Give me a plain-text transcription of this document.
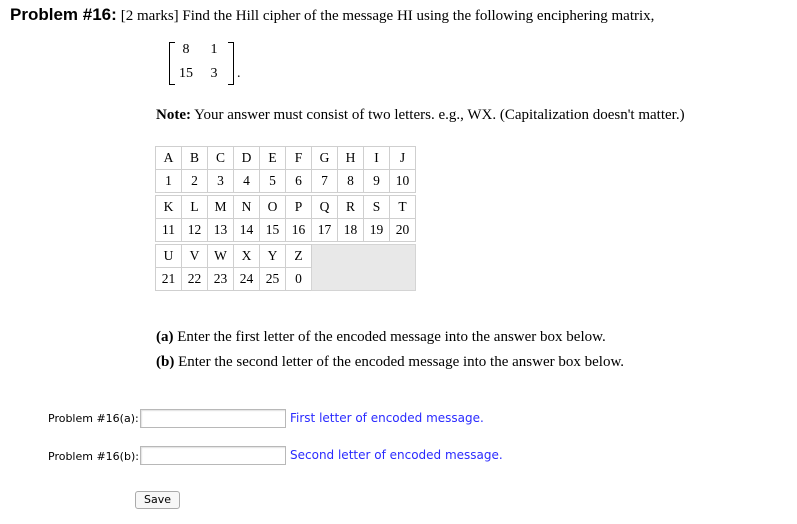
Problem #16: [2 marks] Find the Hill cipher of the message HI using the following enciphering matrix,
8	1
15	3	.
Note: Your answer must consist of two letters. e.g., WX. (Capitalization doesn't matter.)
A	B	C	D	E	F	G	H	I	J
1	2	3	4	5	6	7	8	9	10

K	L	M	N	O	P	Q	R	S	T
11	12	13	14	15	16	17	18	19	20

U	V	W	X	Y	Z				
21	22	23	24	25	0				
(a) Enter the first letter of the encoded message into the answer box below.
(b) Enter the second letter of the encoded message into the answer box below.
Problem #16(a):	First letter of encoded message.
Problem #16(b):	Second letter of encoded message.
Save
